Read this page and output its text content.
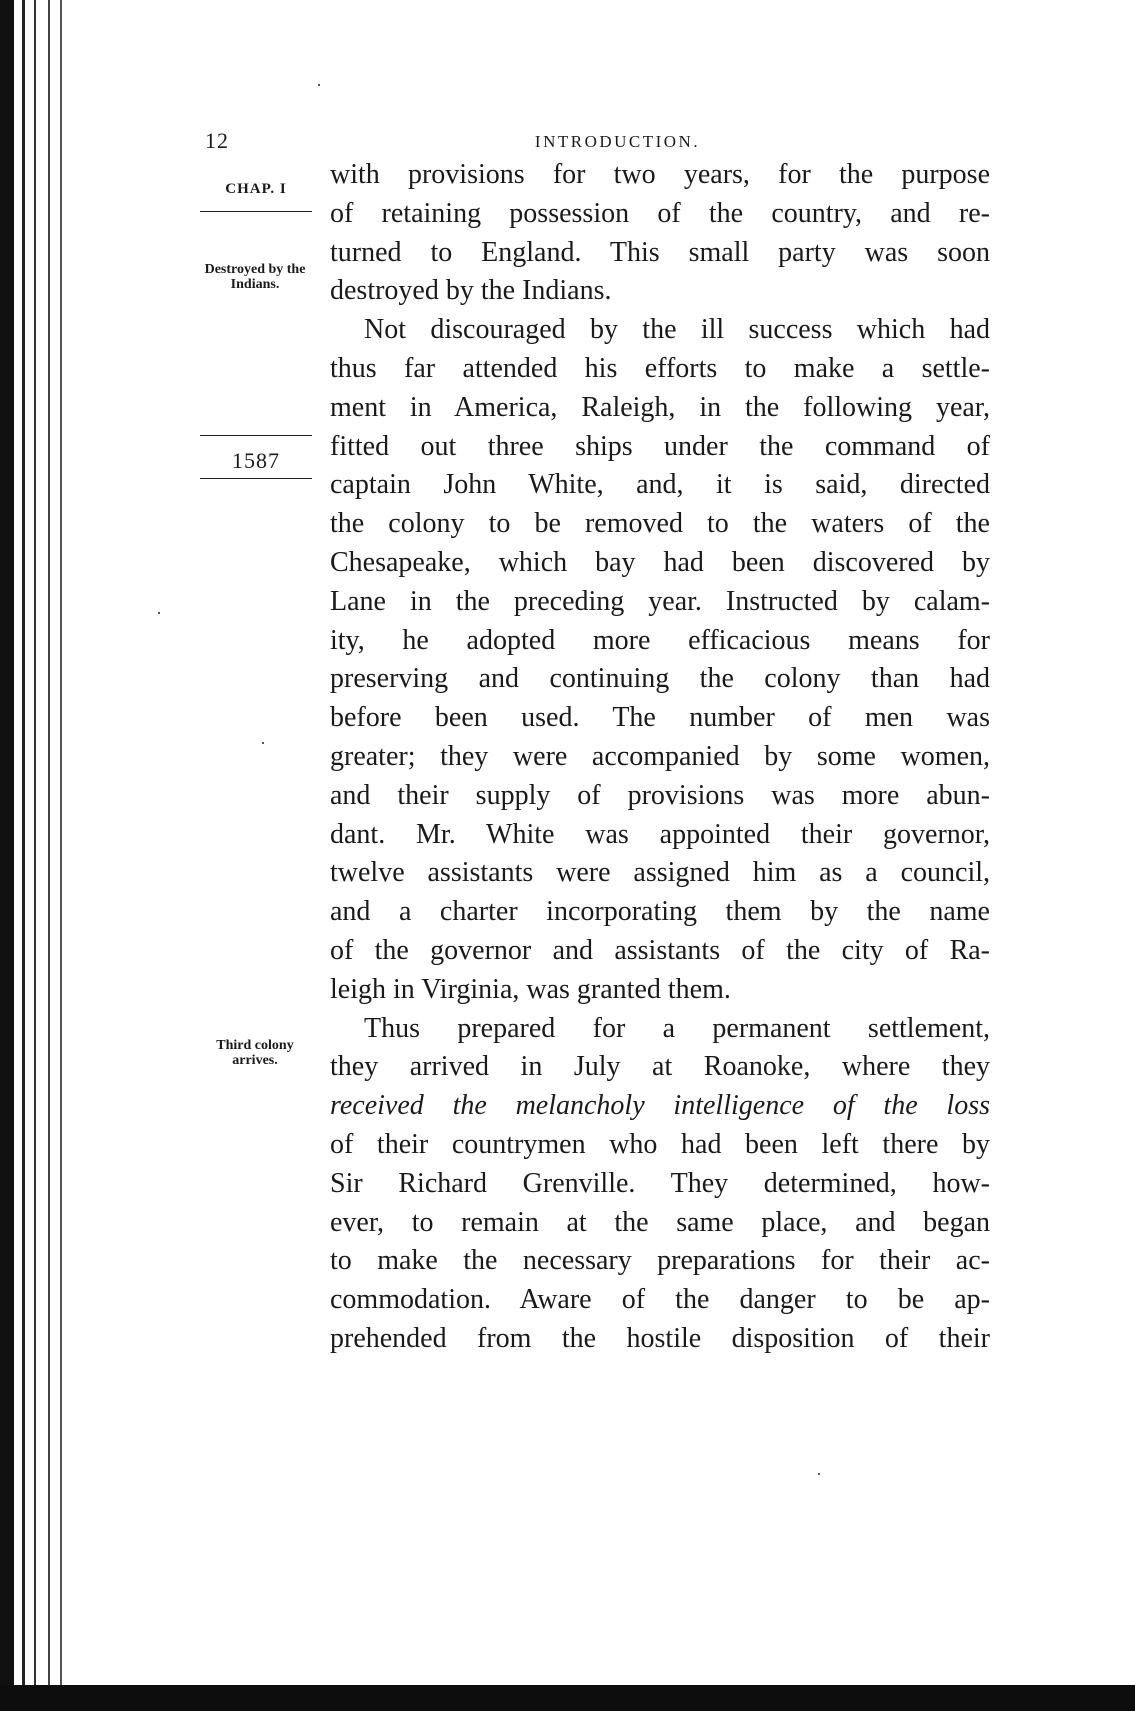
12	INTRODUCTION.
CHAP. I
Destroyed by the Indians.
1587
Third colony arrives.
with provisions for two years, for the purpose
of retaining possession of the country, and re-
turned to England. This small party was soon
destroyed by the Indians.
Not discouraged by the ill success which had
thus far attended his efforts to make a settle-
ment in America, Raleigh, in the following year,
fitted out three ships under the command of
captain John White, and, it is said, directed
the colony to be removed to the waters of the
Chesapeake, which bay had been discovered by
Lane in the preceding year. Instructed by calam-
ity, he adopted more efficacious means for
preserving and continuing the colony than had
before been used. The number of men was
greater; they were accompanied by some women,
and their supply of provisions was more abun-
dant. Mr. White was appointed their governor,
twelve assistants were assigned him as a council,
and a charter incorporating them by the name
of the governor and assistants of the city of Ra-
leigh in Virginia, was granted them.
Thus prepared for a permanent settlement,
they arrived in July at Roanoke, where they
received the melancholy intelligence of the loss
of their countrymen who had been left there by
Sir Richard Grenville. They determined, how-
ever, to remain at the same place, and began
to make the necessary preparations for their ac-
commodation. Aware of the danger to be ap-
prehended from the hostile disposition of their
